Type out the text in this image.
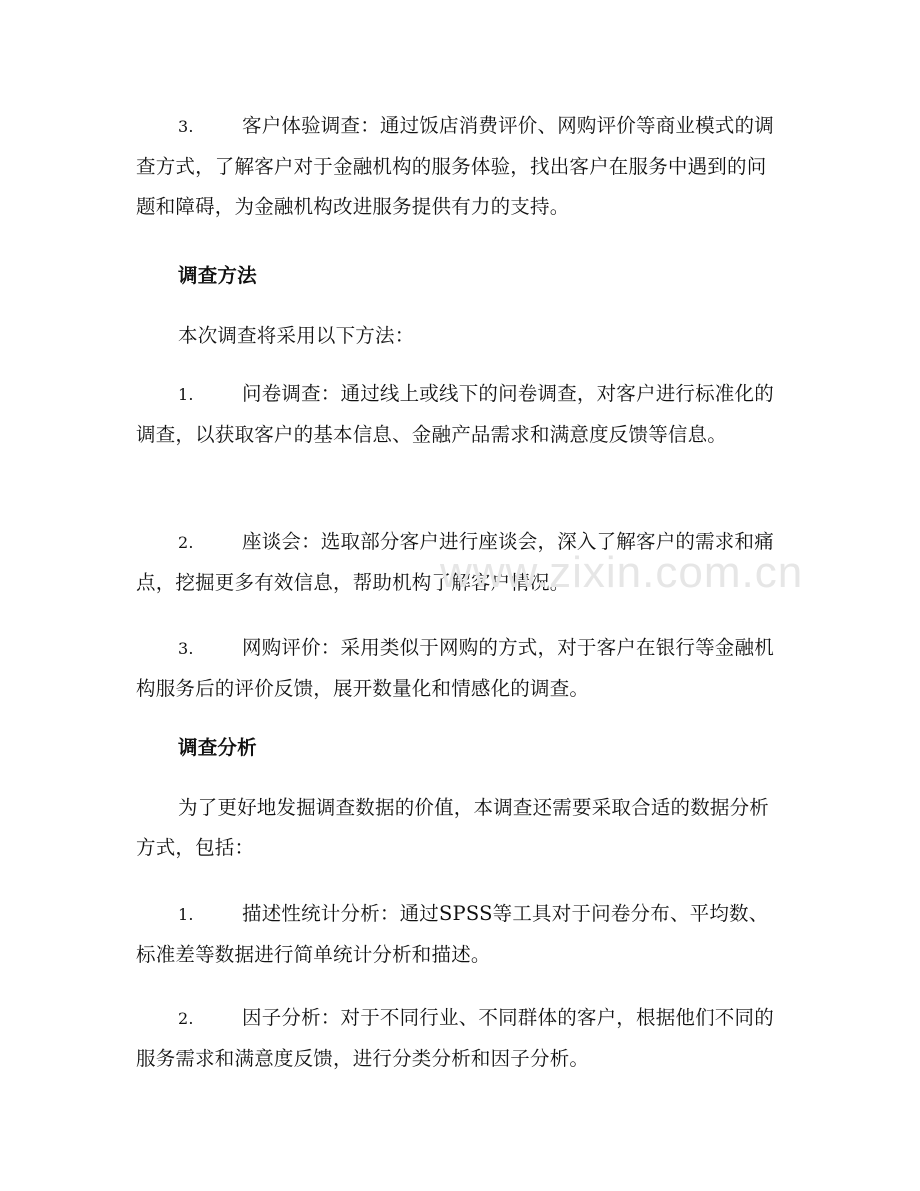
3. 客户体验调查：通过饭店消费评价、网购评价等商业模式的调查方式，了解客户对于金融机构的服务体验，找出客户在服务中遇到的问题和障碍，为金融机构改进服务提供有力的支持。

调查方法

本次调查将采用以下方法：

1. 问卷调查：通过线上或线下的问卷调查，对客户进行标准化的调查，以获取客户的基本信息、金融产品需求和满意度反馈等信息。

2. 座谈会：选取部分客户进行座谈会，深入了解客户的需求和痛点，挖掘更多有效信息，帮助机构了解客户情况。

3. 网购评价：采用类似于网购的方式，对于客户在银行等金融机构服务后的评价反馈，展开数量化和情感化的调查。

调查分析

为了更好地发掘调查数据的价值，本调查还需要采取合适的数据分析方式，包括：

1. 描述性统计分析：通过SPSS等工具对于问卷分布、平均数、标准差等数据进行简单统计分析和描述。

2. 因子分析：对于不同行业、不同群体的客户，根据他们不同的服务需求和满意度反馈，进行分类分析和因子分析。

www.zixin.com.cn
